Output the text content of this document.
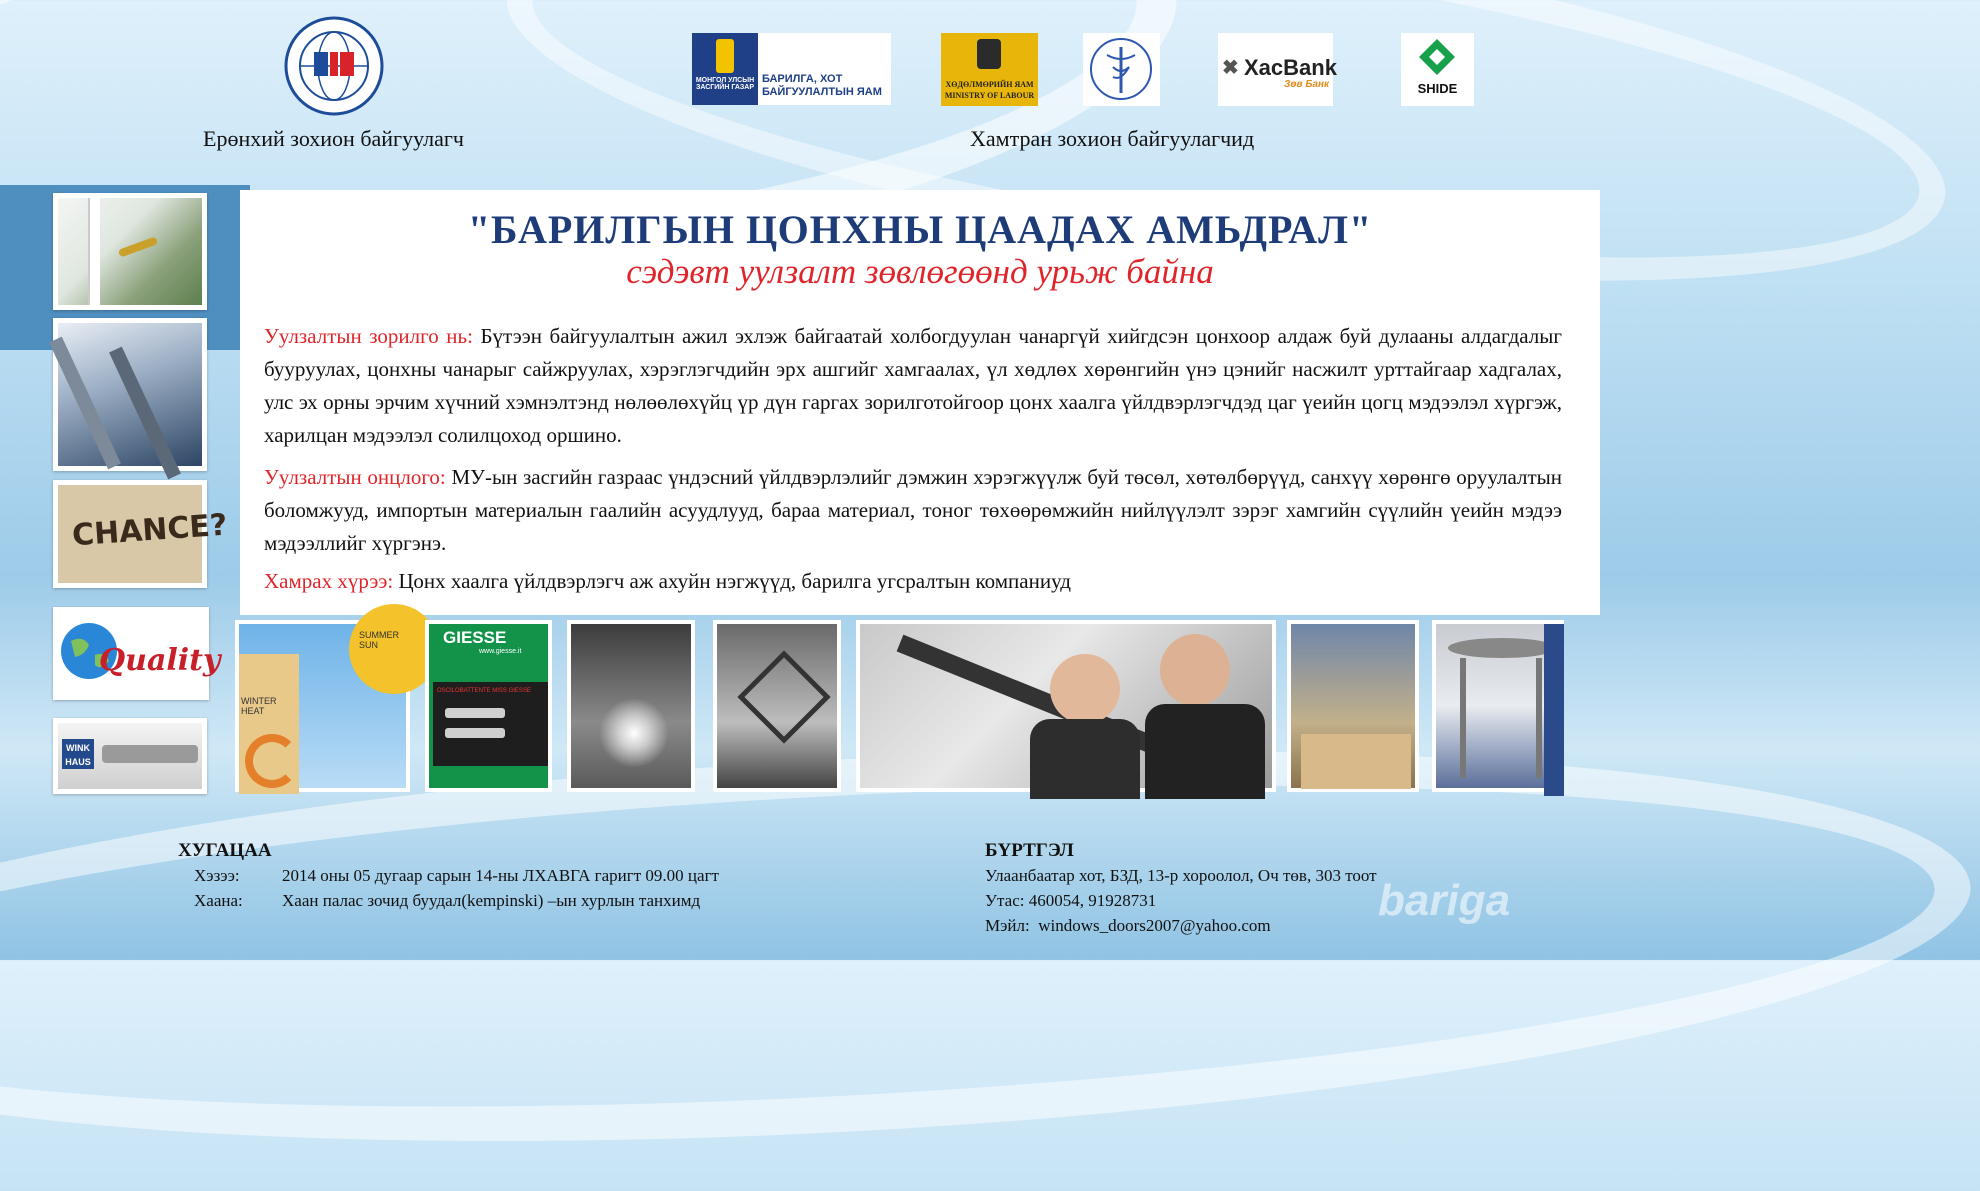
Ерөнхий зохион байгуулагч
МОНГОЛ УЛСЫН ЗАСГИЙН ГАЗАР
БАРИЛГА, ХОТ БАЙГУУЛАЛТЫН ЯАМ
ХӨДӨЛМӨРИЙН ЯАМ
MINISTRY OF LABOUR
✖ XacBank
Зөв Банк	SHIDE
Хамтран зохион байгуулагчид
"БАРИЛГЫН ЦОНХНЫ ЦААДАХ АМЬДРАЛ"
сэдэвт уулзалт зөвлөгөөнд урьж байна
Уулзалтын зорилго нь: Бүтээн байгуулалтын ажил эхлэж байгаатай холбогдуулан чанаргүй хийгдсэн цонхоор алдаж буй дулааны алдагдалыг бууруулах, цонхны чанарыг сайжруулах, хэрэглэгчдийн эрх ашгийг хамгаалах, үл хөдлөх хөрөнгийн үнэ цэнийг насжилт урттайгаар хадгалах, улс эх орны эрчим хүчний хэмнэлтэнд нөлөөлөхүйц үр дүн гаргах зорилготойгоор цонх хаалга үйлдвэрлэгчдэд цаг үеийн цогц мэдээлэл хүргэж, харилцан мэдээлэл солилцоход оршино.
Уулзалтын онцлого: МУ-ын засгийн газраас үндэсний үйлдвэрлэлийг дэмжин хэрэгжүүлж буй төсөл, хөтөлбөрүүд, санхүү хөрөнгө оруулалтын боломжууд, импортын материалын гаалийн асуудлууд, бараа материал, тоног төхөөрөмжийн нийлүүлэлт зэрэг хамгийн сүүлийн үеийн мэдээ мэдээллийг хүргэнэ.
Хамрах хүрээ: Цонх хаалга үйлдвэрлэгч аж ахуйн нэгжүүд, барилга угсралтын компаниуд
CHANCE?
Quality
WINK HAUS
SUMMER SUN
WINTER HEAT
GIESSE
www.giesse.it
OSCILOBATTENTE MISS GIESSE
ХУГАЦАА
Хэзээ: 2014 оны 05 дугаар сарын 14-ны ЛХАВГА гаригт 09.00 цагт
Хаана: Хаан палас зочид буудал(kempinski) –ын хурлын танхимд
БҮРТГЭЛ
Улаанбаатар хот, БЗД, 13-р хороолол, Оч төв, 303 тоот
Утас: 460054, 91928731
Мэйл: windows_doors2007@yahoo.com
bariga
